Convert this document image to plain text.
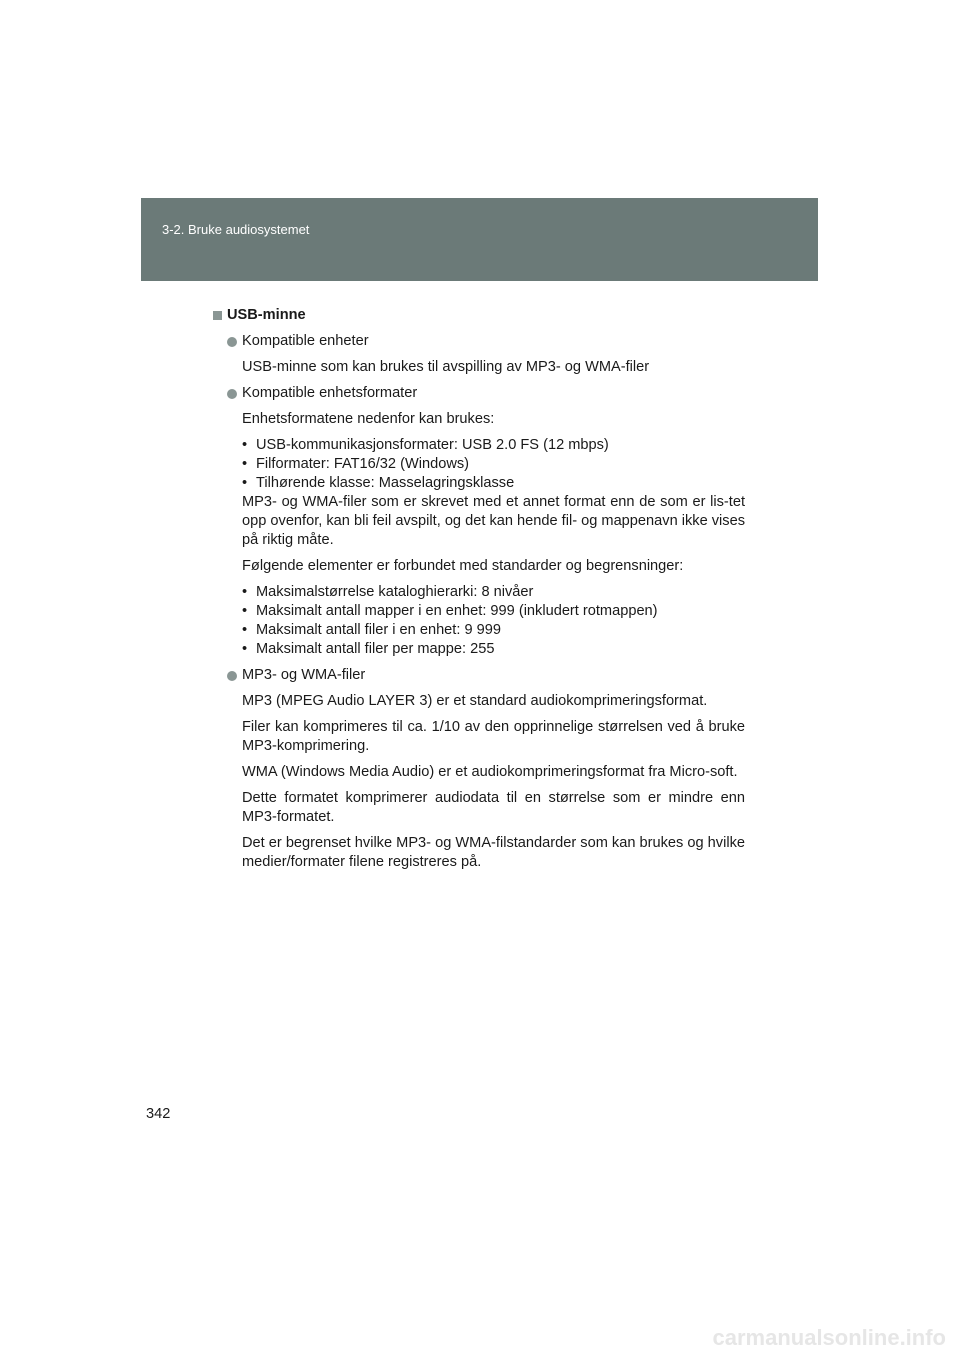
3-2. Bruke audiosystemet
USB-minne
Kompatible enheter
USB-minne som kan brukes til avspilling av MP3- og WMA-filer
Kompatible enhetsformater
Enhetsformatene nedenfor kan brukes:
• USB-kommunikasjonsformater: USB 2.0 FS (12 mbps)
• Filformater: FAT16/32 (Windows)
• Tilhørende klasse: Masselagringsklasse
MP3- og WMA-filer som er skrevet med et annet format enn de som er lis-tet opp ovenfor, kan bli feil avspilt, og det kan hende fil- og mappenavn ikke vises på riktig måte.
Følgende elementer er forbundet med standarder og begrensninger:
• Maksimalstørrelse kataloghierarki: 8 nivåer
• Maksimalt antall mapper i en enhet: 999 (inkludert rotmappen)
• Maksimalt antall filer i en enhet: 9 999
• Maksimalt antall filer per mappe: 255
MP3- og WMA-filer
MP3 (MPEG Audio LAYER 3) er et standard audiokomprimeringsformat.
Filer kan komprimeres til ca. 1/10 av den opprinnelige størrelsen ved å bruke MP3-komprimering.
WMA (Windows Media Audio) er et audiokomprimeringsformat fra Micro-soft.
Dette formatet komprimerer audiodata til en størrelse som er mindre enn MP3-formatet.
Det er begrenset hvilke MP3- og WMA-filstandarder som kan brukes og hvilke medier/formater filene registreres på.
342
carmanualsonline.info
